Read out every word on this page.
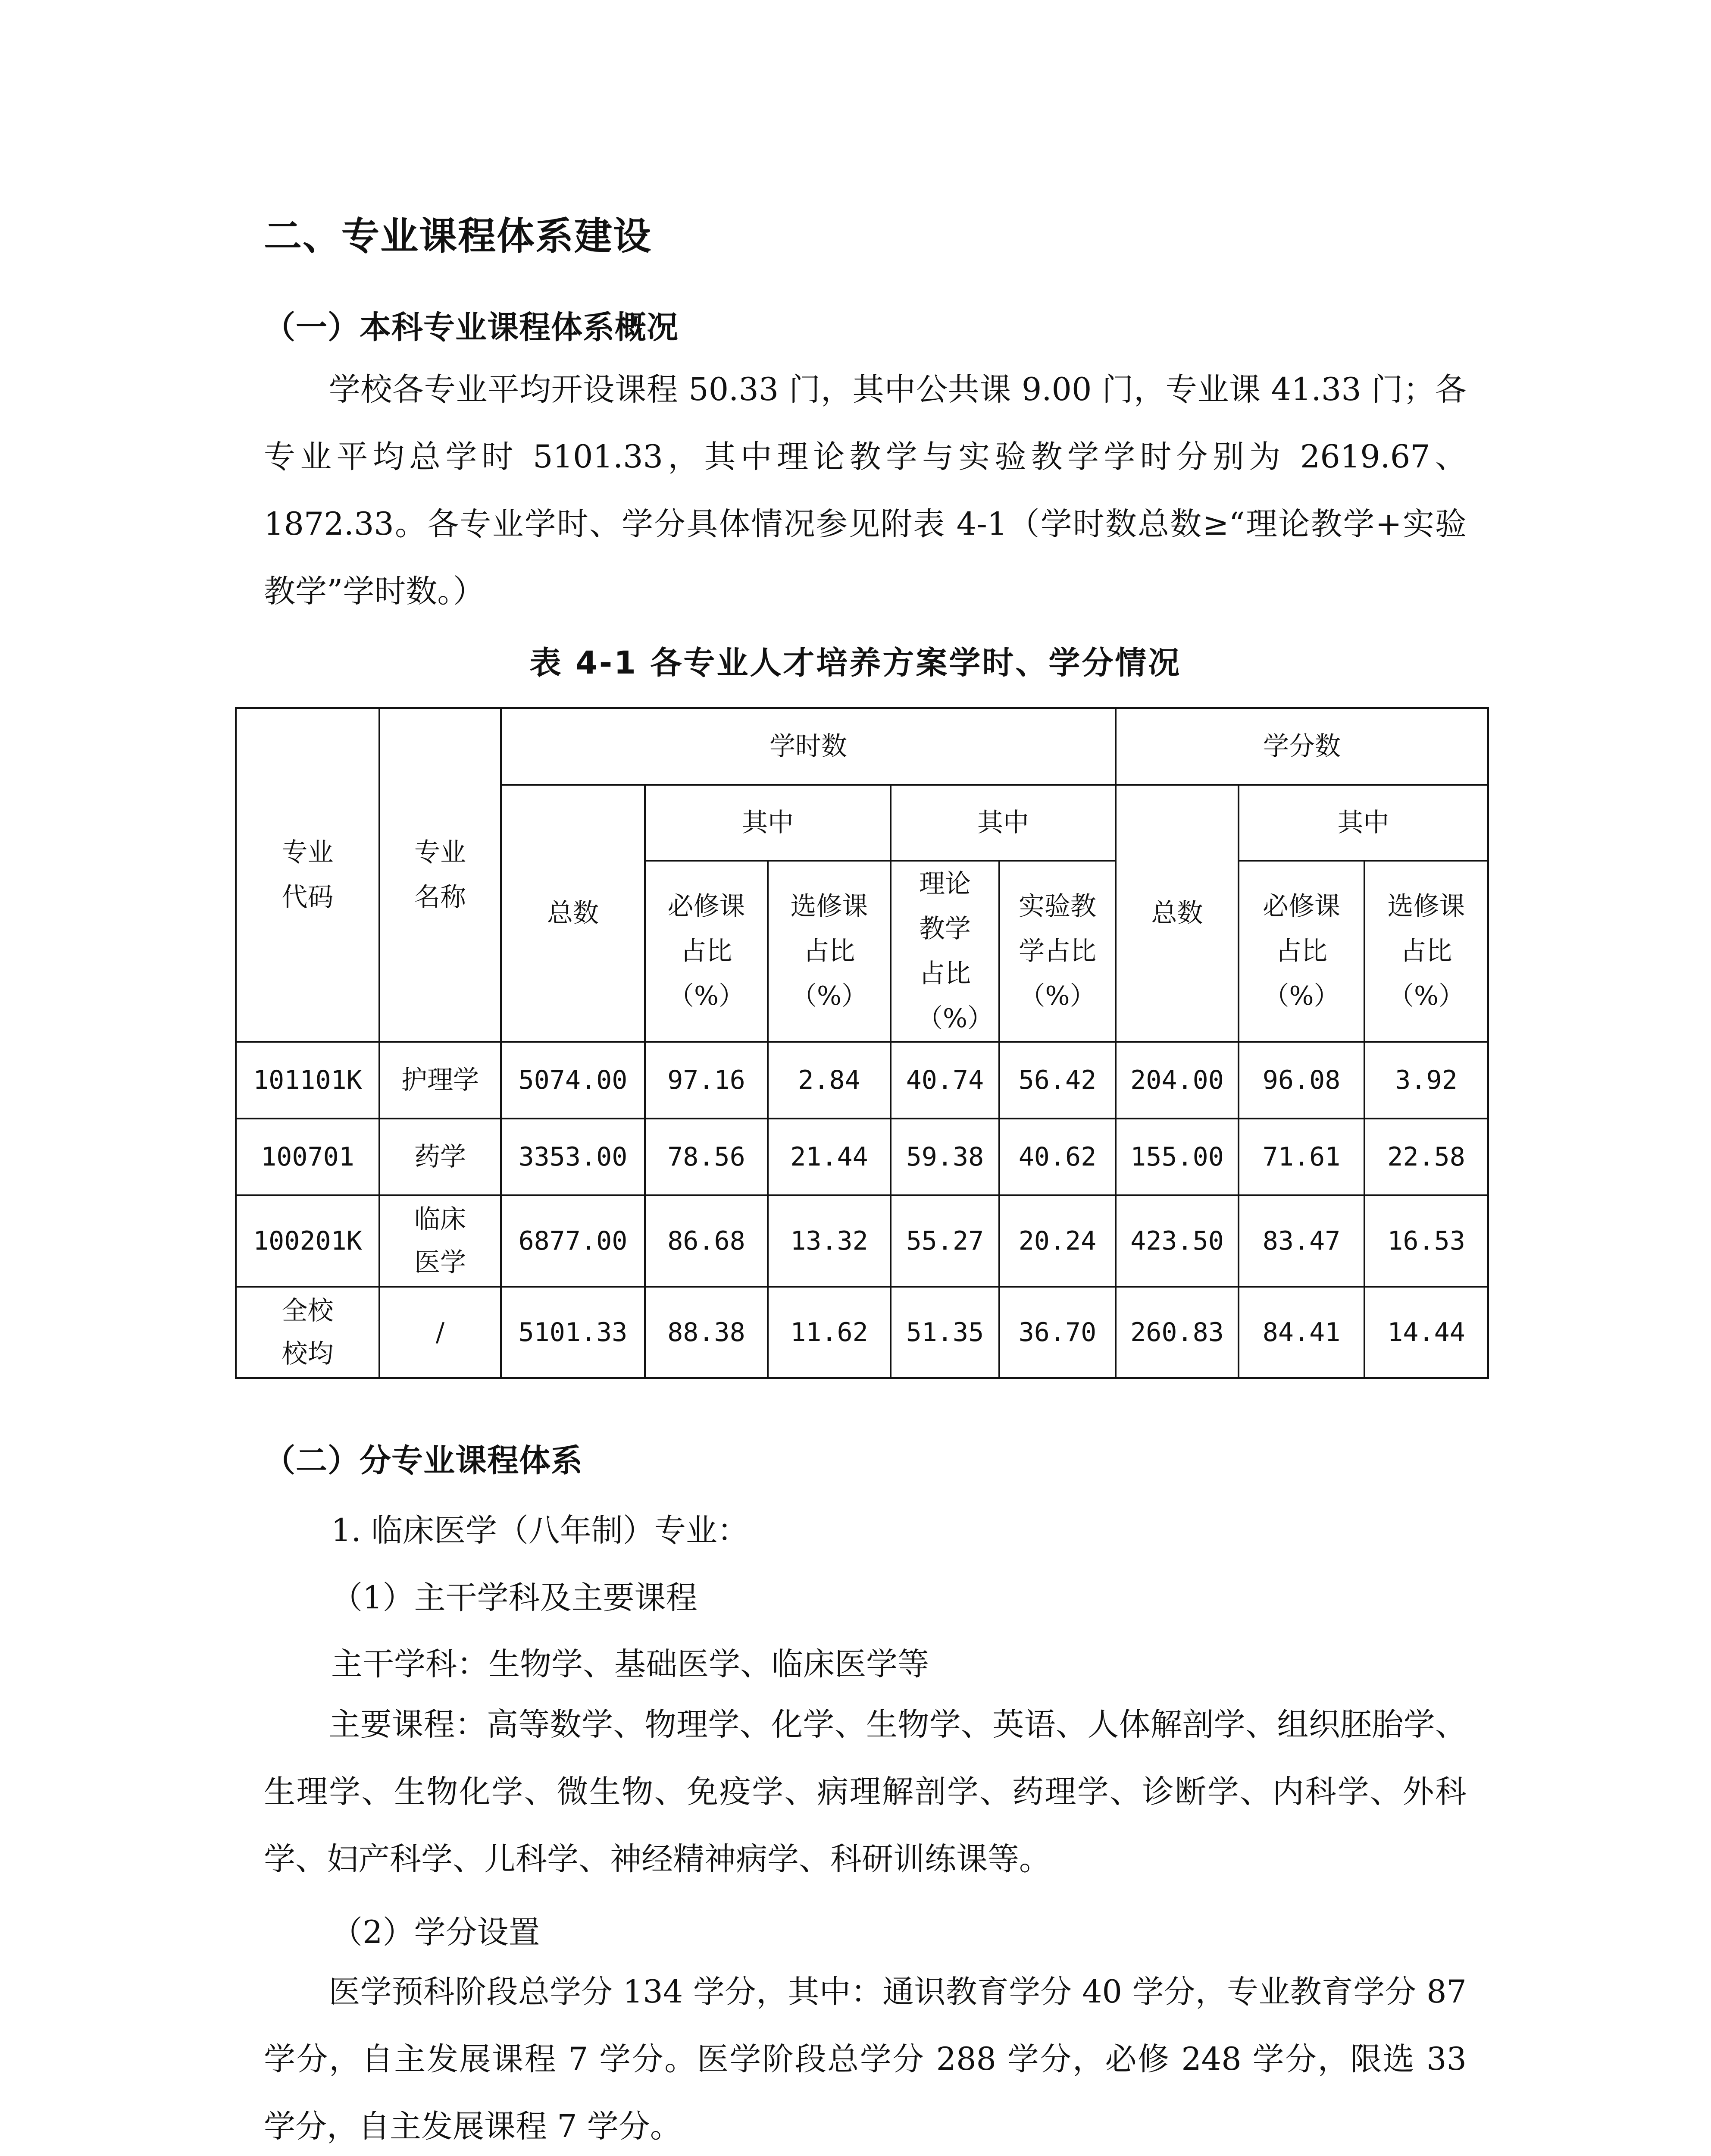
二、专业课程体系建设
（一）本科专业课程体系概况

学校各专业平均开设课程 50.33 门，其中公共课 9.00 门，专业课 41.33 门；各专业平均总学时 5101.33，其中理论教学与实验教学学时分别为 2619.67、1872.33。各专业学时、学分具体情况参见附表 4-1（学时数总数≥“理论教学+实验教学”学时数。）

表 4-1 各专业人才培养方案学时、学分情况
专业代码	专业名称	学时数					学分数		
		总数	其中		其中		总数	其中	

			必修课占比（%）	选修课占比（%）	理论教学占比（%）	实验教学占比（%）		必修课占比（%）	选修课占比（%）

101101K	护理学	5074.00	97.16	2.84	40.74	56.42	204.00	96.08	3.92
100701	药学	3353.00	78.56	21.44	59.38	40.62	155.00	71.61	22.58
100201K	临床医学	6877.00	86.68	13.32	55.27	20.24	423.50	83.47	16.53

全校校均	/	5101.33	88.38	11.62	51.35	36.70	260.83	84.41	14.44
（二）分专业课程体系
1. 临床医学（八年制）专业：
（1）主干学科及主要课程
主干学科：生物学、基础医学、临床医学等

主要课程：高等数学、物理学、化学、生物学、英语、人体解剖学、组织胚胎学、生理学、生物化学、微生物、免疫学、病理解剖学、药理学、诊断学、内科学、外科学、妇产科学、儿科学、神经精神病学、科研训练课等。

（2）学分设置

医学预科阶段总学分 134 学分，其中：通识教育学分 40 学分，专业教育学分 87 学分，自主发展课程 7 学分。医学阶段总学分 288 学分，必修 248 学分，限选 33 学分，自主发展课程 7 学分。
